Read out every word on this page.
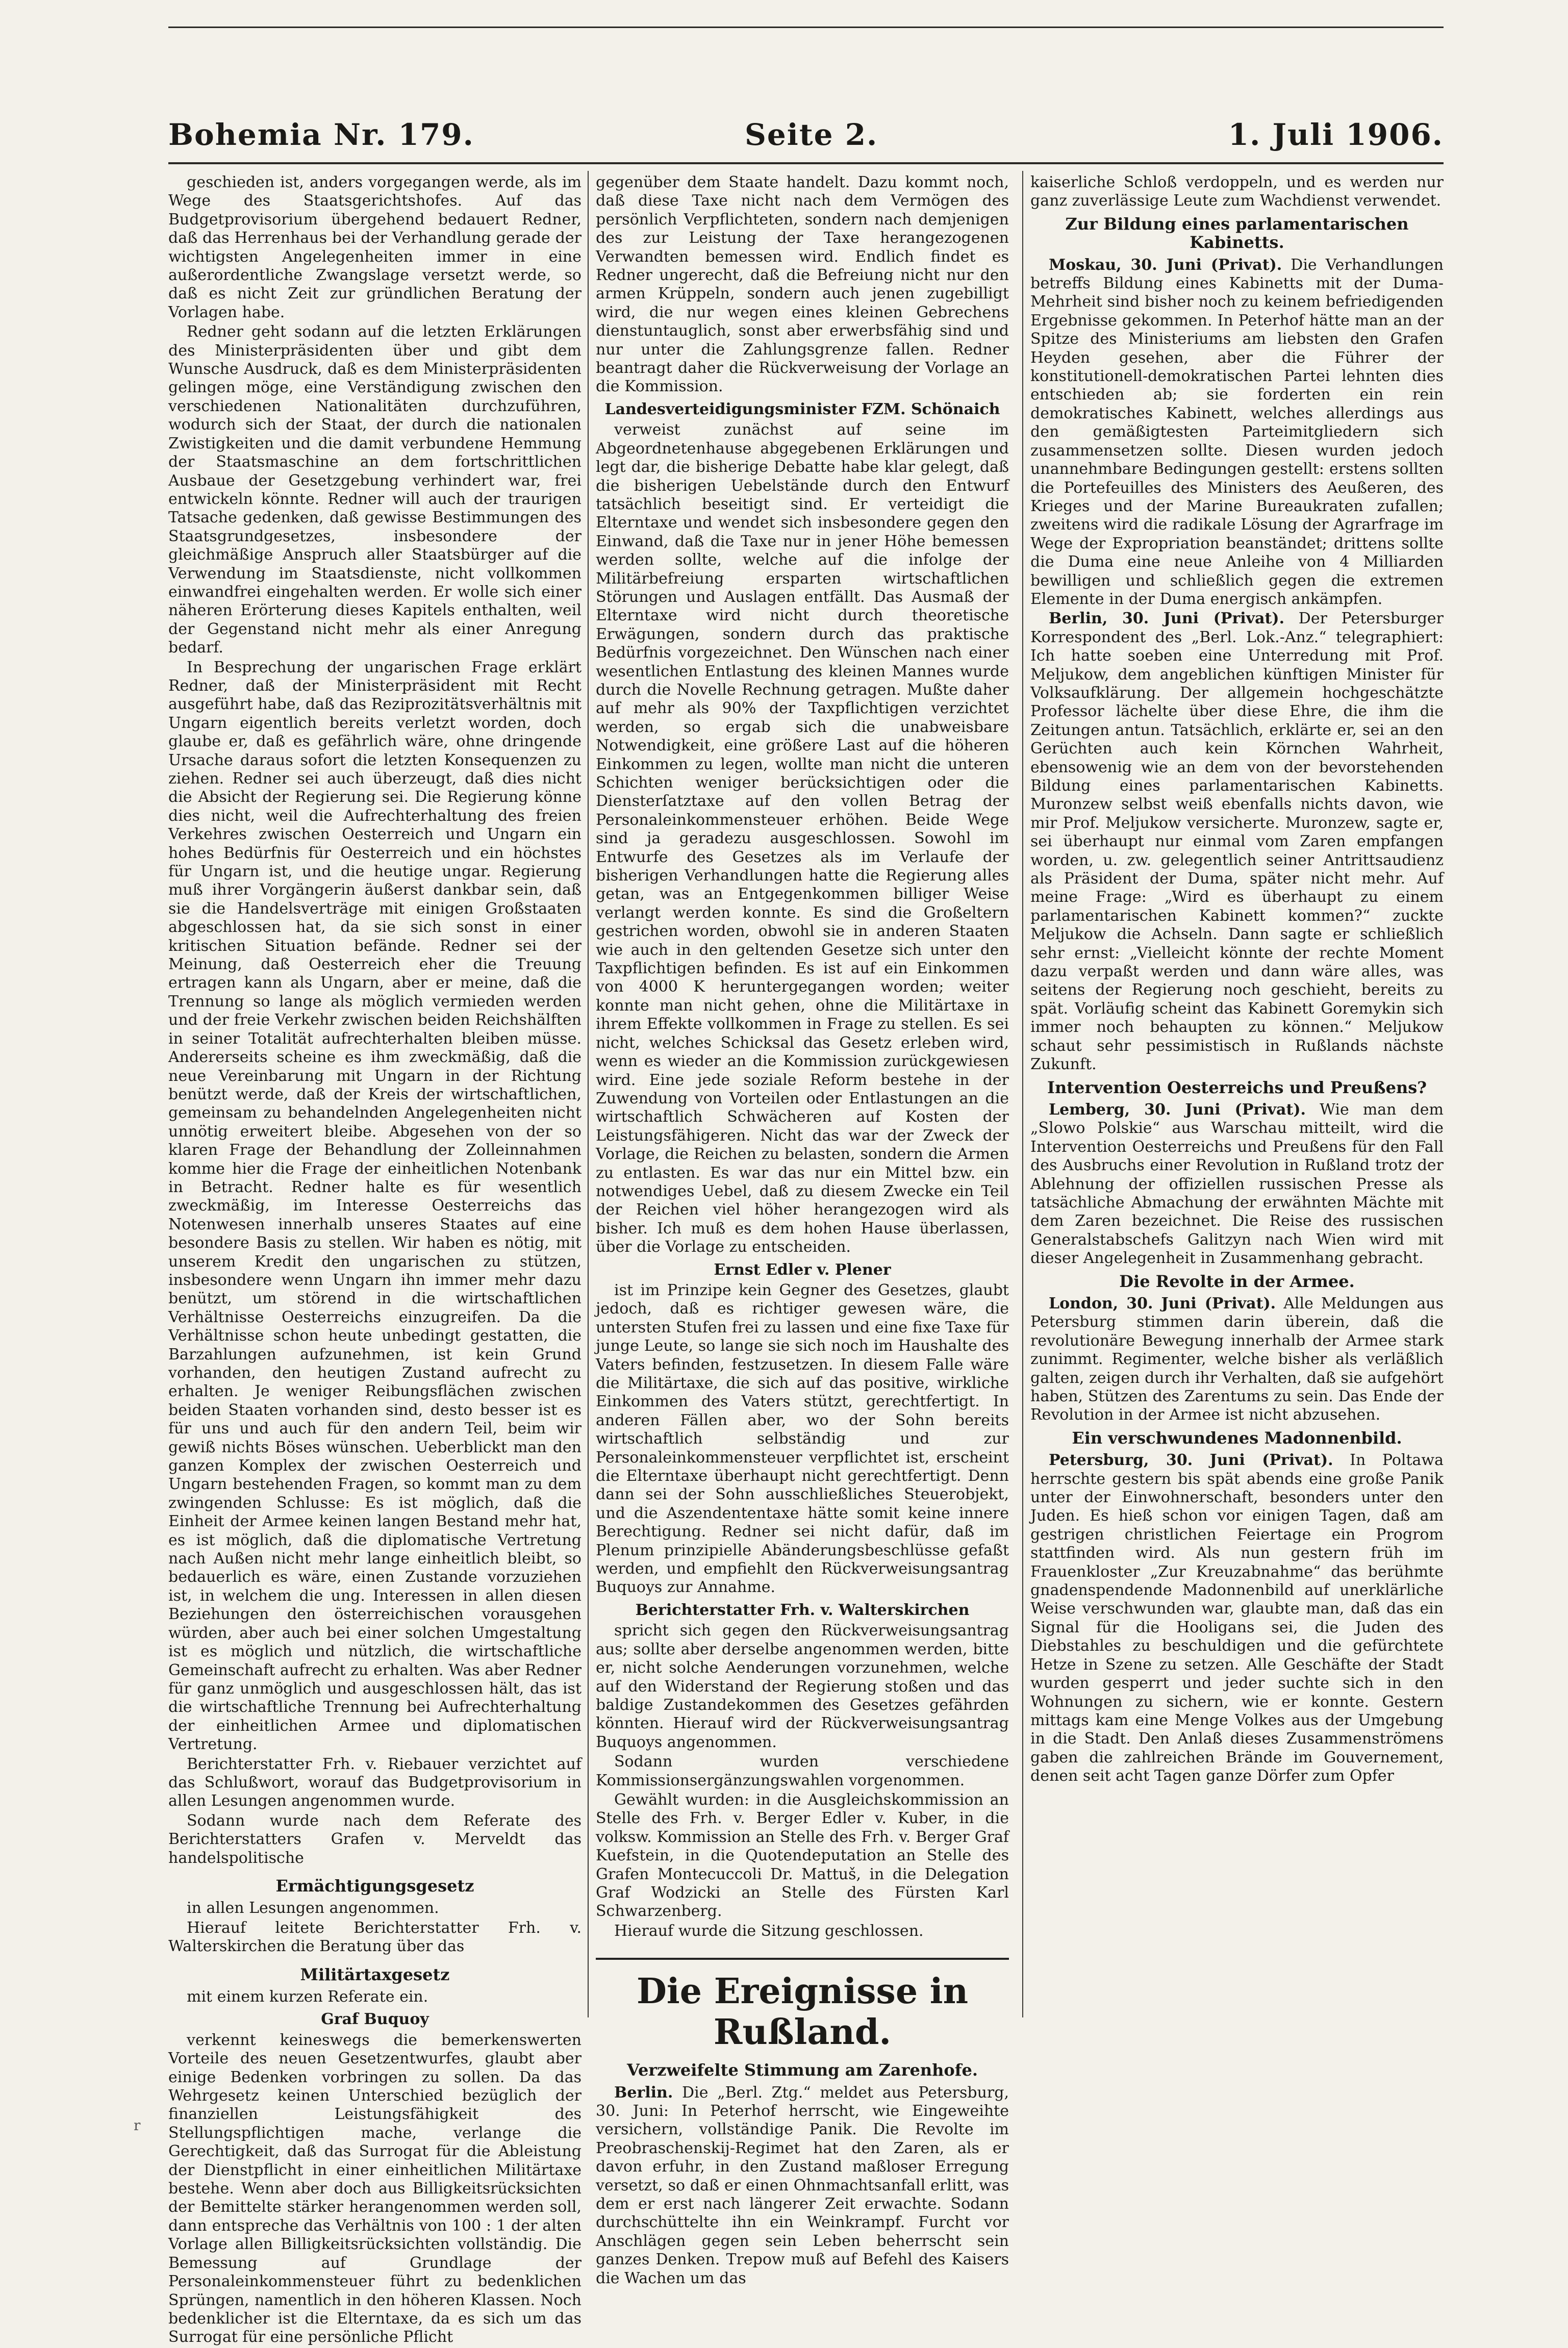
Bohemia Nr. 179.	Seite 2.	1. Juli 1906.

geschieden ist, anders vorgegangen werde, als im Wege des Staatsgerichtshofes. Auf das Budgetprovisorium übergehend bedauert Redner, daß das Herrenhaus bei der Verhandlung gerade der wichtigsten Angelegenheiten immer in eine außerordentliche Zwangslage versetzt werde, so daß es nicht Zeit zur gründlichen Beratung der Vorlagen habe.

Redner geht sodann auf die letzten Erklärungen des Ministerpräsidenten über und gibt dem Wunsche Ausdruck, daß es dem Ministerpräsidenten gelingen möge, eine Verständigung zwischen den verschiedenen Nationalitäten durchzuführen, wodurch sich der Staat, der durch die nationalen Zwistigkeiten und die damit verbundene Hemmung der Staatsmaschine an dem fortschrittlichen Ausbaue der Gesetzgebung verhindert war, frei entwickeln könnte. Redner will auch der traurigen Tatsache gedenken, daß gewisse Bestimmungen des Staatsgrundgesetzes, insbesondere der gleichmäßige Anspruch aller Staatsbürger auf die Verwendung im Staatsdienste, nicht vollkommen einwandfrei eingehalten werden. Er wolle sich einer näheren Erörterung dieses Kapitels enthalten, weil der Gegenstand nicht mehr als einer Anregung bedarf.

In Besprechung der ungarischen Frage erklärt Redner, daß der Ministerpräsident mit Recht ausgeführt habe, daß das Reziprozitätsverhältnis mit Ungarn eigentlich bereits verletzt worden, doch glaube er, daß es gefährlich wäre, ohne dringende Ursache daraus sofort die letzten Konsequenzen zu ziehen. Redner sei auch überzeugt, daß dies nicht die Absicht der Regierung sei. Die Regierung könne dies nicht, weil die Aufrechterhaltung des freien Verkehres zwischen Oesterreich und Ungarn ein hohes Bedürfnis für Oesterreich und ein höchstes für Ungarn ist, und die heutige ungar. Regierung muß ihrer Vorgängerin äußerst dankbar sein, daß sie die Handelsverträge mit einigen Großstaaten abgeschlossen hat, da sie sich sonst in einer kritischen Situation befände. Redner sei der Meinung, daß Oesterreich eher die Treuung ertragen kann als Ungarn, aber er meine, daß die Trennung so lange als möglich vermieden werden und der freie Verkehr zwischen beiden Reichshälften in seiner Totalität aufrechterhalten bleiben müsse. Andererseits scheine es ihm zweckmäßig, daß die neue Vereinbarung mit Ungarn in der Richtung benützt werde, daß der Kreis der wirtschaftlichen, gemeinsam zu behandelnden Angelegenheiten nicht unnötig erweitert bleibe. Abgesehen von der so klaren Frage der Behandlung der Zolleinnahmen komme hier die Frage der einheitlichen Notenbank in Betracht. Redner halte es für wesentlich zweckmäßig, im Interesse Oesterreichs das Notenwesen innerhalb unseres Staates auf eine besondere Basis zu stellen. Wir haben es nötig, mit unserem Kredit den ungarischen zu stützen, insbesondere wenn Ungarn ihn immer mehr dazu benützt, um störend in die wirtschaftlichen Verhältnisse Oesterreichs einzugreifen. Da die Verhältnisse schon heute unbedingt gestatten, die Barzahlungen aufzunehmen, ist kein Grund vorhanden, den heutigen Zustand aufrecht zu erhalten. Je weniger Reibungsflächen zwischen beiden Staaten vorhanden sind, desto besser ist es für uns und auch für den andern Teil, beim wir gewiß nichts Böses wünschen. Ueberblickt man den ganzen Komplex der zwischen Oesterreich und Ungarn bestehenden Fragen, so kommt man zu dem zwingenden Schlusse: Es ist möglich, daß die Einheit der Armee keinen langen Bestand mehr hat, es ist möglich, daß die diplomatische Vertretung nach Außen nicht mehr lange einheitlich bleibt, so bedauerlich es wäre, einen Zustande vorzuziehen ist, in welchem die ung. Interessen in allen diesen Beziehungen den österreichischen vorausgehen würden, aber auch bei einer solchen Umgestaltung ist es möglich und nützlich, die wirtschaftliche Gemeinschaft aufrecht zu erhalten. Was aber Redner für ganz unmöglich und ausgeschlossen hält, das ist die wirtschaftliche Trennung bei Aufrechterhaltung der einheitlichen Armee und diplomatischen Vertretung.

Berichterstatter Frh. v. Riebauer verzichtet auf das Schlußwort, worauf das Budgetprovisorium in allen Lesungen angenommen wurde.

Sodann wurde nach dem Referate des Berichterstatters Grafen v. Merveldt das handelspolitische

Ermächtigungsgesetz

in allen Lesungen angenommen.

Hierauf leitete Berichterstatter Frh. v. Walterskirchen die Beratung über das

Militärtaxgesetz

mit einem kurzen Referate ein.

Graf Buquoy

verkennt keineswegs die bemerkenswerten Vorteile des neuen Gesetzentwurfes, glaubt aber einige Bedenken vorbringen zu sollen. Da das Wehrgesetz keinen Unterschied bezüglich der finanziellen Leistungsfähigkeit des Stellungspflichtigen mache, verlange die Gerechtigkeit, daß das Surrogat für die Ableistung der Dienstpflicht in einer einheitlichen Militärtaxe bestehe. Wenn aber doch aus Billigkeitsrücksichten der Bemittelte stärker herangenommen werden soll, dann entspreche das Verhältnis von 100 : 1 der alten Vorlage allen Billigkeitsrücksichten vollständig. Die Bemessung auf Grundlage der Personaleinkommensteuer führt zu bedenklichen Sprüngen, namentlich in den höheren Klassen. Noch bedenklicher ist die Elterntaxe, da es sich um das Surrogat für eine persönliche Pflicht

gegenüber dem Staate handelt. Dazu kommt noch, daß diese Taxe nicht nach dem Vermögen des persönlich Verpflichteten, sondern nach demjenigen des zur Leistung der Taxe herangezogenen Verwandten bemessen wird. Endlich findet es Redner ungerecht, daß die Befreiung nicht nur den armen Krüppeln, sondern auch jenen zugebilligt wird, die nur wegen eines kleinen Gebrechens dienstuntauglich, sonst aber erwerbsfähig sind und nur unter die Zahlungsgrenze fallen. Redner beantragt daher die Rückverweisung der Vorlage an die Kommission.

Landesverteidigungsminister FZM. Schönaich

verweist zunächst auf seine im Abgeordnetenhause abgegebenen Erklärungen und legt dar, die bisherige Debatte habe klar gelegt, daß die bisherigen Uebelstände durch den Entwurf tatsächlich beseitigt sind. Er verteidigt die Elterntaxe und wendet sich insbesondere gegen den Einwand, daß die Taxe nur in jener Höhe bemessen werden sollte, welche auf die infolge der Militärbefreiung ersparten wirtschaftlichen Störungen und Auslagen entfällt. Das Ausmaß der Elterntaxe wird nicht durch theoretische Erwägungen, sondern durch das praktische Bedürfnis vorgezeichnet. Den Wünschen nach einer wesentlichen Entlastung des kleinen Mannes wurde durch die Novelle Rechnung getragen. Mußte daher auf mehr als 90% der Taxpflichtigen verzichtet werden, so ergab sich die unabweisbare Notwendigkeit, eine größere Last auf die höheren Einkommen zu legen, wollte man nicht die unteren Schichten weniger berücksichtigen oder die Diensterſatztaxe auf den vollen Betrag der Personaleinkommensteuer erhöhen. Beide Wege sind ja geradezu ausgeschlossen. Sowohl im Entwurfe des Gesetzes als im Verlaufe der bisherigen Verhandlungen hatte die Regierung alles getan, was an Entgegenkommen billiger Weise verlangt werden konnte. Es sind die Großeltern gestrichen worden, obwohl sie in anderen Staaten wie auch in den geltenden Gesetze sich unter den Taxpflichtigen befinden. Es ist auf ein Einkommen von 4000 K heruntergegangen worden; weiter konnte man nicht gehen, ohne die Militärtaxe in ihrem Effekte vollkommen in Frage zu stellen. Es sei nicht, welches Schicksal das Gesetz erleben wird, wenn es wieder an die Kommission zurückgewiesen wird. Eine jede soziale Reform bestehe in der Zuwendung von Vorteilen oder Entlastungen an die wirtschaftlich Schwächeren auf Kosten der Leistungsfähigeren. Nicht das war der Zweck der Vorlage, die Reichen zu belasten, sondern die Armen zu entlasten. Es war das nur ein Mittel bzw. ein notwendiges Uebel, daß zu diesem Zwecke ein Teil der Reichen viel höher herangezogen wird als bisher. Ich muß es dem hohen Hause überlassen, über die Vorlage zu entscheiden.

Ernst Edler v. Plener

ist im Prinzipe kein Gegner des Gesetzes, glaubt jedoch, daß es richtiger gewesen wäre, die untersten Stufen frei zu lassen und eine fixe Taxe für junge Leute, so lange sie sich noch im Haushalte des Vaters befinden, festzusetzen. In diesem Falle wäre die Militärtaxe, die sich auf das positive, wirkliche Einkommen des Vaters stützt, gerechtfertigt. In anderen Fällen aber, wo der Sohn bereits wirtschaftlich selbständig und zur Personaleinkommensteuer verpflichtet ist, erscheint die Elterntaxe überhaupt nicht gerechtfertigt. Denn dann sei der Sohn ausschließliches Steuerobjekt, und die Aszendententaxe hätte somit keine innere Berechtigung. Redner sei nicht dafür, daß im Plenum prinzipielle Abänderungsbeschlüsse gefaßt werden, und empfiehlt den Rückverweisungsantrag Buquoys zur Annahme.

Berichterstatter Frh. v. Walterskirchen

spricht sich gegen den Rückverweisungsantrag aus; sollte aber derselbe angenommen werden, bitte er, nicht solche Aenderungen vorzunehmen, welche auf den Widerstand der Regierung stoßen und das baldige Zustandekommen des Gesetzes gefährden könnten. Hierauf wird der Rückverweisungsantrag Buquoys angenommen.

Sodann wurden verschiedene Kommissionsergänzungswahlen vorgenommen.

Gewählt wurden: in die Ausgleichskommission an Stelle des Frh. v. Berger Edler v. Kuber, in die volksw. Kommission an Stelle des Frh. v. Berger Graf Kuefstein, in die Quotendeputation an Stelle des Grafen Montecuccoli Dr. Mattuš, in die Delegation Graf Wodzicki an Stelle des Fürsten Karl Schwarzenberg.

Hierauf wurde die Sitzung geschlossen.

Die Ereignisse in Rußland.
Verzweifelte Stimmung am Zarenhofe.

Berlin. Die „Berl. Ztg.“ meldet aus Petersburg, 30. Juni: In Peterhof herrscht, wie Eingeweihte versichern, vollständige Panik. Die Revolte im Preobraschenskij-Regimet hat den Zaren, als er davon erfuhr, in den Zustand maßloser Erregung versetzt, so daß er einen Ohnmachtsanfall erlitt, was dem er erst nach längerer Zeit erwachte. Sodann durchschüttelte ihn ein Weinkrampf. Furcht vor Anschlägen gegen sein Leben beherrscht sein ganzes Denken. Trepow muß auf Befehl des Kaisers die Wachen um das

kaiserliche Schloß verdoppeln, und es werden nur ganz zuverlässige Leute zum Wachdienst verwendet.

Zur Bildung eines parlamentarischen Kabinetts.

Moskau, 30. Juni (Privat). Die Verhandlungen betreffs Bildung eines Kabinetts mit der Duma-Mehrheit sind bisher noch zu keinem befriedigenden Ergebnisse gekommen. In Peterhof hätte man an der Spitze des Ministeriums am liebsten den Grafen Heyden gesehen, aber die Führer der konstitutionell-demokratischen Partei lehnten dies entschieden ab; sie forderten ein rein demokratisches Kabinett, welches allerdings aus den gemäßigtesten Parteimitgliedern sich zusammensetzen sollte. Diesen wurden jedoch unannehmbare Bedingungen gestellt: erstens sollten die Portefeuilles des Ministers des Aeußeren, des Krieges und der Marine Bureaukraten zufallen; zweitens wird die radikale Lösung der Agrarfrage im Wege der Expropriation beanständet; drittens sollte die Duma eine neue Anleihe von 4 Milliarden bewilligen und schließlich gegen die extremen Elemente in der Duma energisch ankämpfen.

Berlin, 30. Juni (Privat). Der Petersburger Korrespondent des „Berl. Lok.-Anz.“ telegraphiert: Ich hatte soeben eine Unterredung mit Prof. Meljukow, dem angeblichen künftigen Minister für Volksaufklärung. Der allgemein hochgeschätzte Professor lächelte über diese Ehre, die ihm die Zeitungen antun. Tatsächlich, erklärte er, sei an den Gerüchten auch kein Körnchen Wahrheit, ebensowenig wie an dem von der bevorstehenden Bildung eines parlamentarischen Kabinetts. Muronzew selbst weiß ebenfalls nichts davon, wie mir Prof. Meljukow versicherte. Muronzew, sagte er, sei überhaupt nur einmal vom Zaren empfangen worden, u. zw. gelegentlich seiner Antrittsaudienz als Präsident der Duma, später nicht mehr. Auf meine Frage: „Wird es überhaupt zu einem parlamentarischen Kabinett kommen?“ zuckte Meljukow die Achseln. Dann sagte er schließlich sehr ernst: „Vielleicht könnte der rechte Moment dazu verpaßt werden und dann wäre alles, was seitens der Regierung noch geschieht, bereits zu spät. Vorläufig scheint das Kabinett Goremykin sich immer noch behaupten zu können.“ Meljukow schaut sehr pessimistisch in Rußlands nächste Zukunft.

Intervention Oesterreichs und Preußens?

Lemberg, 30. Juni (Privat). Wie man dem „Slowo Polskie“ aus Warschau mitteilt, wird die Intervention Oesterreichs und Preußens für den Fall des Ausbruchs einer Revolution in Rußland trotz der Ablehnung der offiziellen russischen Presse als tatsächliche Abmachung der erwähnten Mächte mit dem Zaren bezeichnet. Die Reise des russischen Generalstabschefs Galitzyn nach Wien wird mit dieser Angelegenheit in Zusammenhang gebracht.

Die Revolte in der Armee.

London, 30. Juni (Privat). Alle Meldungen aus Petersburg stimmen darin überein, daß die revolutionäre Bewegung innerhalb der Armee stark zunimmt. Regimenter, welche bisher als verläßlich galten, zeigen durch ihr Verhalten, daß sie aufgehört haben, Stützen des Zarentums zu sein. Das Ende der Revolution in der Armee ist nicht abzusehen.

Ein verschwundenes Madonnenbild.

Petersburg, 30. Juni (Privat). In Poltawa herrschte gestern bis spät abends eine große Panik unter der Einwohnerschaft, besonders unter den Juden. Es hieß schon vor einigen Tagen, daß am gestrigen christlichen Feiertage ein Progrom stattfinden wird. Als nun gestern früh im Frauenkloster „Zur Kreuzabnahme“ das berühmte gnadenspendende Madonnenbild auf unerklärliche Weise verschwunden war, glaubte man, daß das ein Signal für die Hooligans sei, die Juden des Diebstahles zu beschuldigen und die gefürchtete Hetze in Szene zu setzen. Alle Geschäfte der Stadt wurden gesperrt und jeder suchte sich in den Wohnungen zu sichern, wie er konnte. Gestern mittags kam eine Menge Volkes aus der Umgebung in die Stadt. Den Anlaß dieses Zusammenströmens gaben die zahlreichen Brände im Gouvernement, denen seit acht Tagen ganze Dörfer zum Opfer

r
